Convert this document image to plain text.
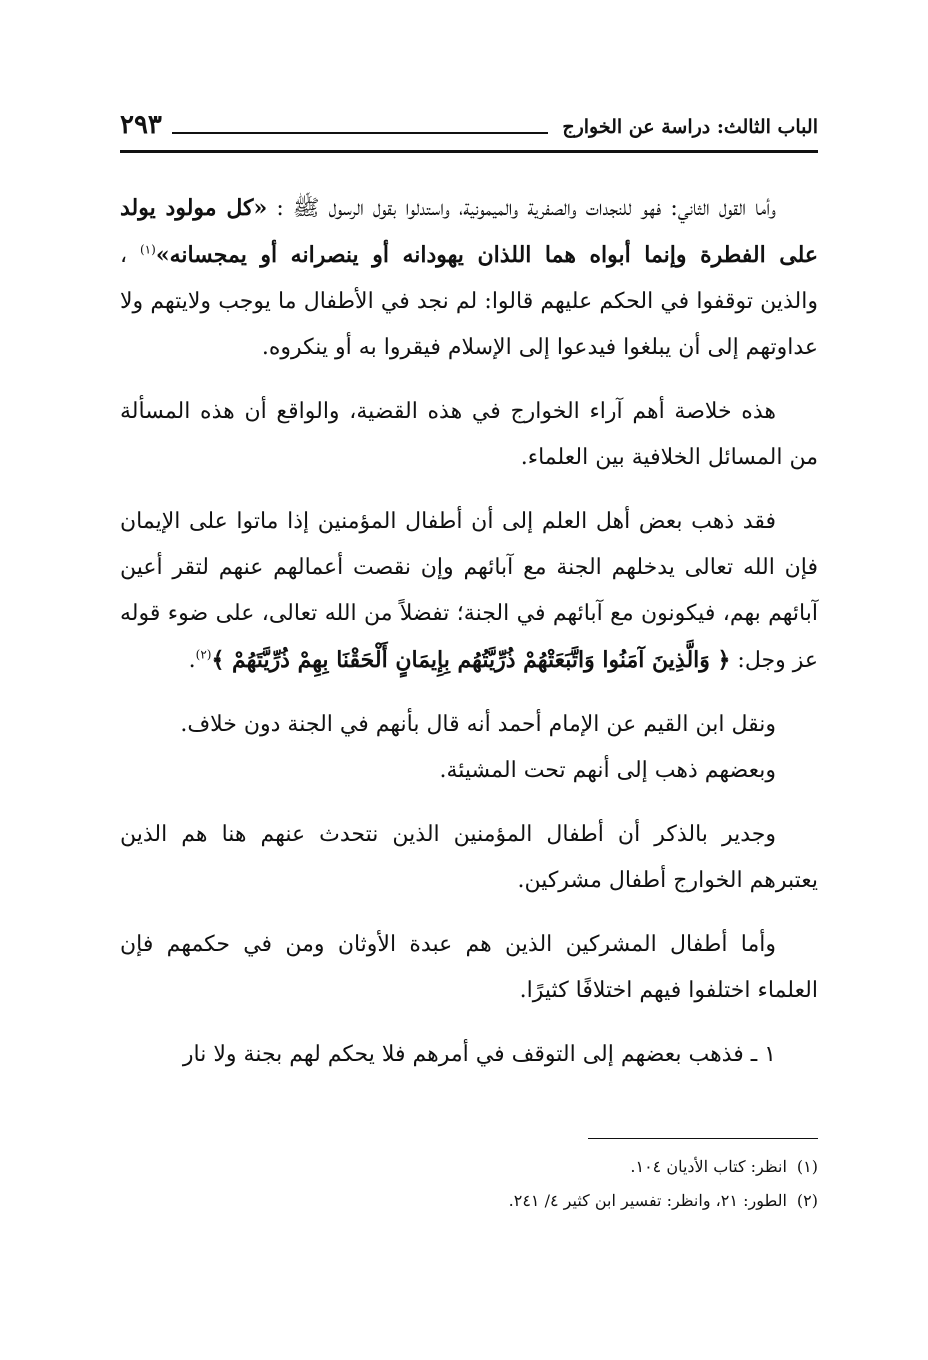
الباب الثالث: دراسة عن الخوارج
٢٩٣

وأما القول الثاني: فهو للنجدات والصفرية والميمونية، واستدلوا بقول الرسول ﷺ : «كل مولود يولد على الفطرة وإنما أبواه هما اللذان يهودانه أو ينصرانه أو يمجسانه»$^{(١)}$ ، والذين توقفوا في الحكم عليهم قالوا: لم نجد في الأطفال ما يوجب ولايتهم ولا عداوتهم إلى أن يبلغوا فيدعوا إلى الإسلام فيقروا به أو ينكروه.

هذه خلاصة أهم آراء الخوارج في هذه القضية، والواقع أن هذه المسألة من المسائل الخلافية بين العلماء.

فقد ذهب بعض أهل العلم إلى أن أطفال المؤمنين إذا ماتوا على الإيمان فإن الله تعالى يدخلهم الجنة مع آبائهم وإن نقصت أعمالهم عنهم لتقر أعين آبائهم بهم، فيكونون مع آبائهم في الجنة؛ تفضلاً من الله تعالى، على ضوء قوله عز وجل: ﴿ وَالَّذِينَ آمَنُوا وَاتَّبَعَتْهُمْ ذُرِّيَّتُهُم بِإِيمَانٍ أَلْحَقْنَا بِهِمْ ذُرِّيَّتَهُمْ ﴾$^{(٢)}$.

ونقل ابن القيم عن الإمام أحمد أنه قال بأنهم في الجنة دون خلاف.

وبعضهم ذهب إلى أنهم تحت المشيئة.

وجدير بالذكر أن أطفال المؤمنين الذين نتحدث عنهم هنا هم الذين يعتبرهم الخوارج أطفال مشركين.

وأما أطفال المشركين الذين هم عبدة الأوثان ومن في حكمهم فإن العلماء اختلفوا فيهم اختلافًا كثيرًا.

١ ـ فذهب بعضهم إلى التوقف في أمرهم فلا يحكم لهم بجنة ولا نار

(١)انظر: كتاب الأديان ١٠٤.

(٢)الطور: ٢١، وانظر: تفسير ابن كثير ٤/ ٢٤١.
